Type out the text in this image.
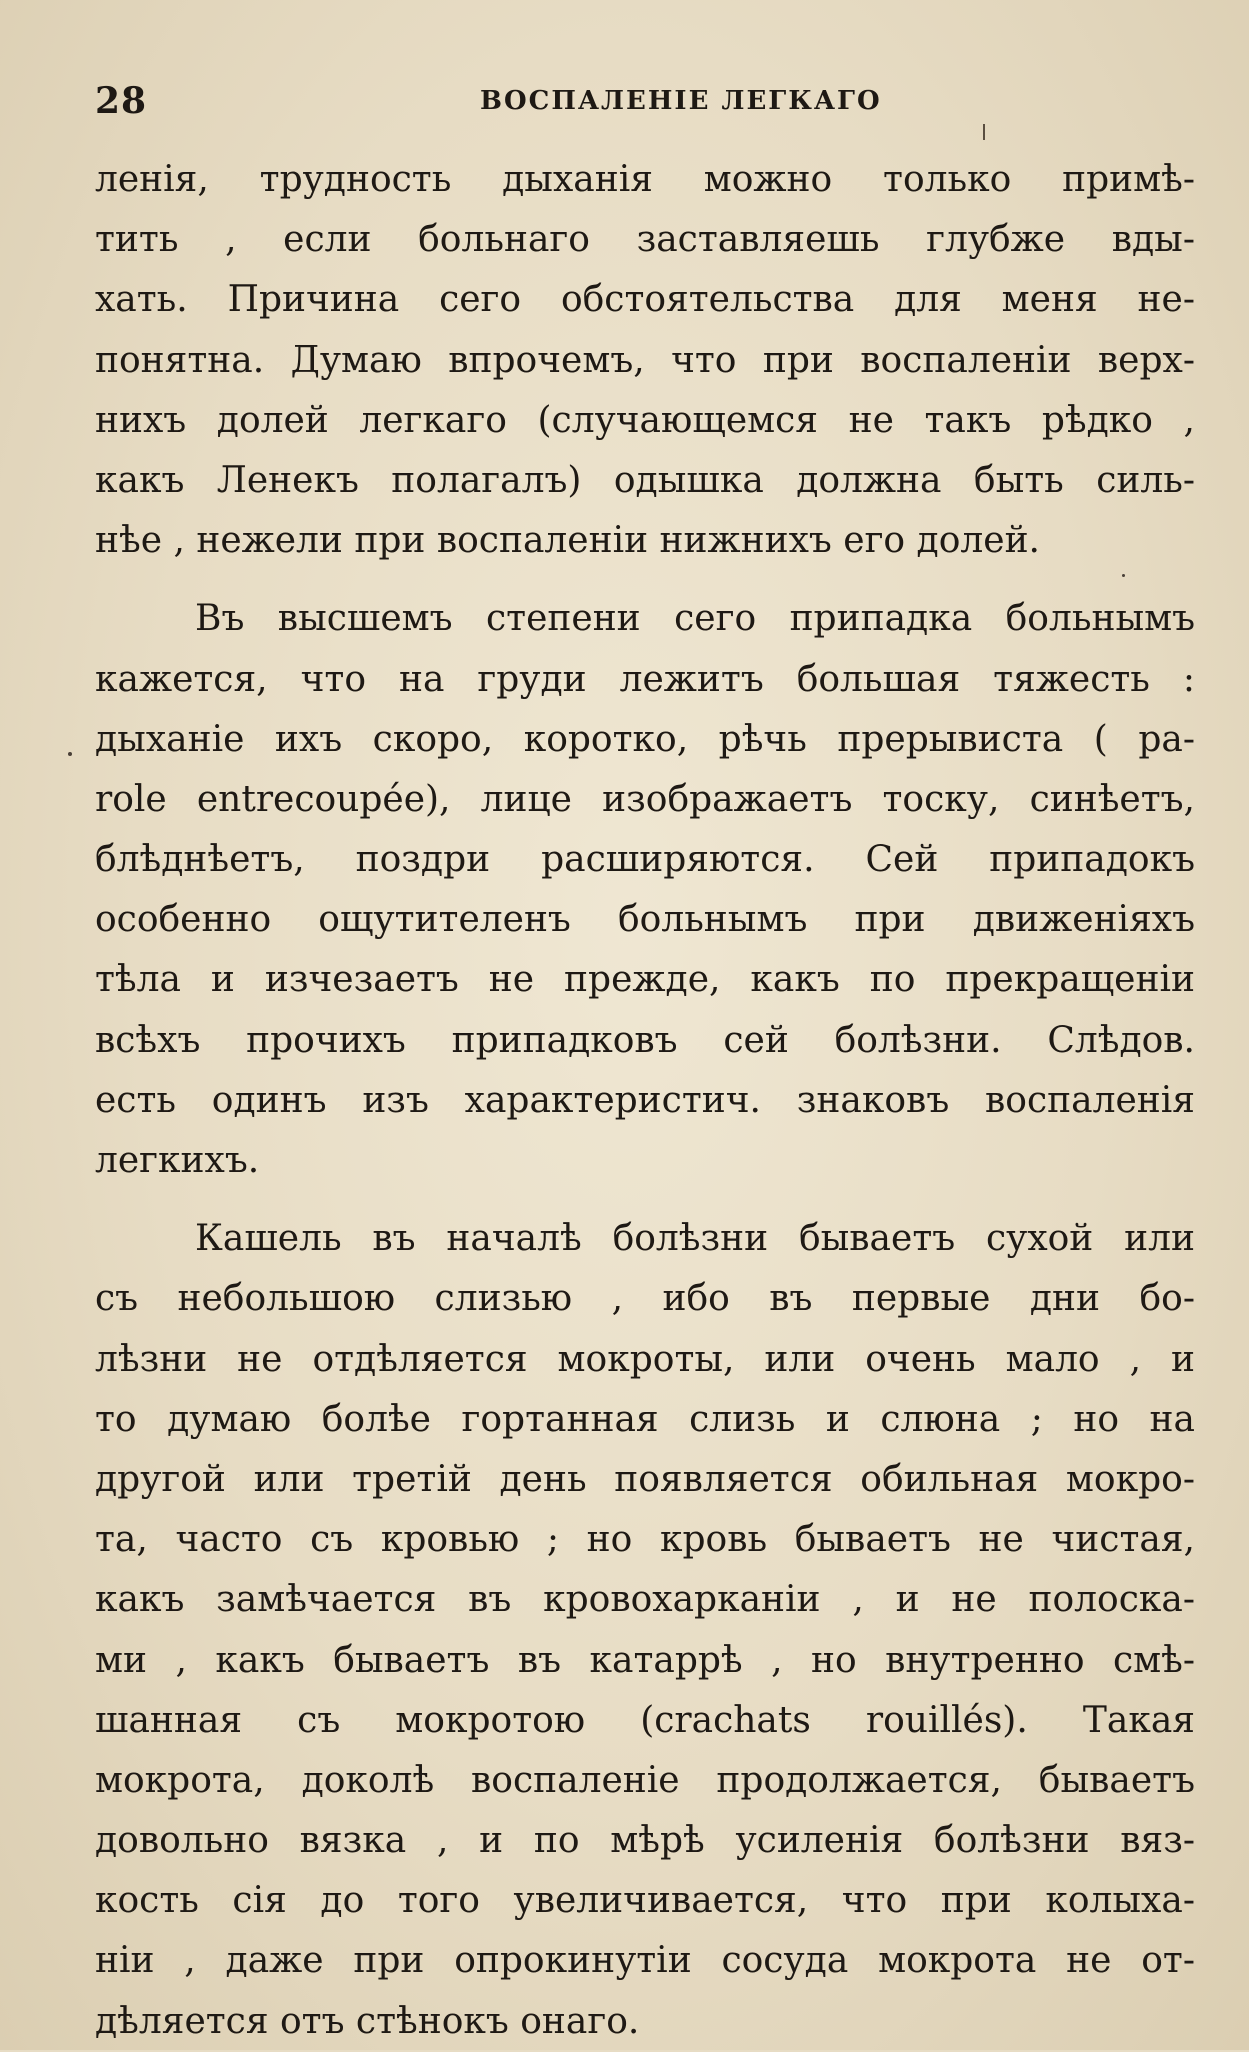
28	ВОСПАЛЕНІЕ ЛЕГКАГО
ленія, трудность дыханія можно только примѣ-
тить , если больнаго заставляешь глубже вды-
хать. Причина сего обстоятельства для меня не-
понятна. Думаю впрочемъ, что при воспаленіи верх-
нихъ долей легкаго (случающемся не такъ рѣдко ,
какъ Ленекъ полагалъ) одышка должна быть силь-
нѣе , нежели при воспаленіи нижнихъ его долей.
Въ высшемъ степени сего припадка больнымъ
кажется, что на груди лежитъ большая тяжесть :
дыханіе ихъ скоро, коротко, рѣчь прерывиста ( pa-
role entrecoupée), лице изображаетъ тоску, синѣетъ,
блѣднѣетъ, поздри расширяются. Сей припадокъ
особенно ощутителенъ больнымъ при движеніяхъ
тѣла и изчезаетъ не прежде, какъ по прекращеніи
всѣхъ прочихъ припадковъ сей болѣзни. Слѣдов.
есть одинъ изъ характеристич. знаковъ воспаленія
легкихъ.
Кашель въ началѣ болѣзни бываетъ сухой или
съ небольшою слизью , ибо въ первые дни бо-
лѣзни не отдѣляется мокроты, или очень мало , и
то думаю болѣе гортанная слизь и слюна ; но на
другой или третій день появляется обильная мокро-
та, часто съ кровью ; но кровь бываетъ не чистая,
какъ замѣчается въ кровохарканіи , и не полоска-
ми , какъ бываетъ въ катаррѣ , но внутренно смѣ-
шанная съ мокротою (crachats rouillés). Такая
мокрота, доколѣ воспаленіе продолжается, бываетъ
довольно вязка , и по мѣрѣ усиленія болѣзни вяз-
кость сія до того увеличивается, что при колыха-
ніи , даже при опрокинутіи сосуда мокрота не от-
дѣляется отъ стѣнокъ онаго.
